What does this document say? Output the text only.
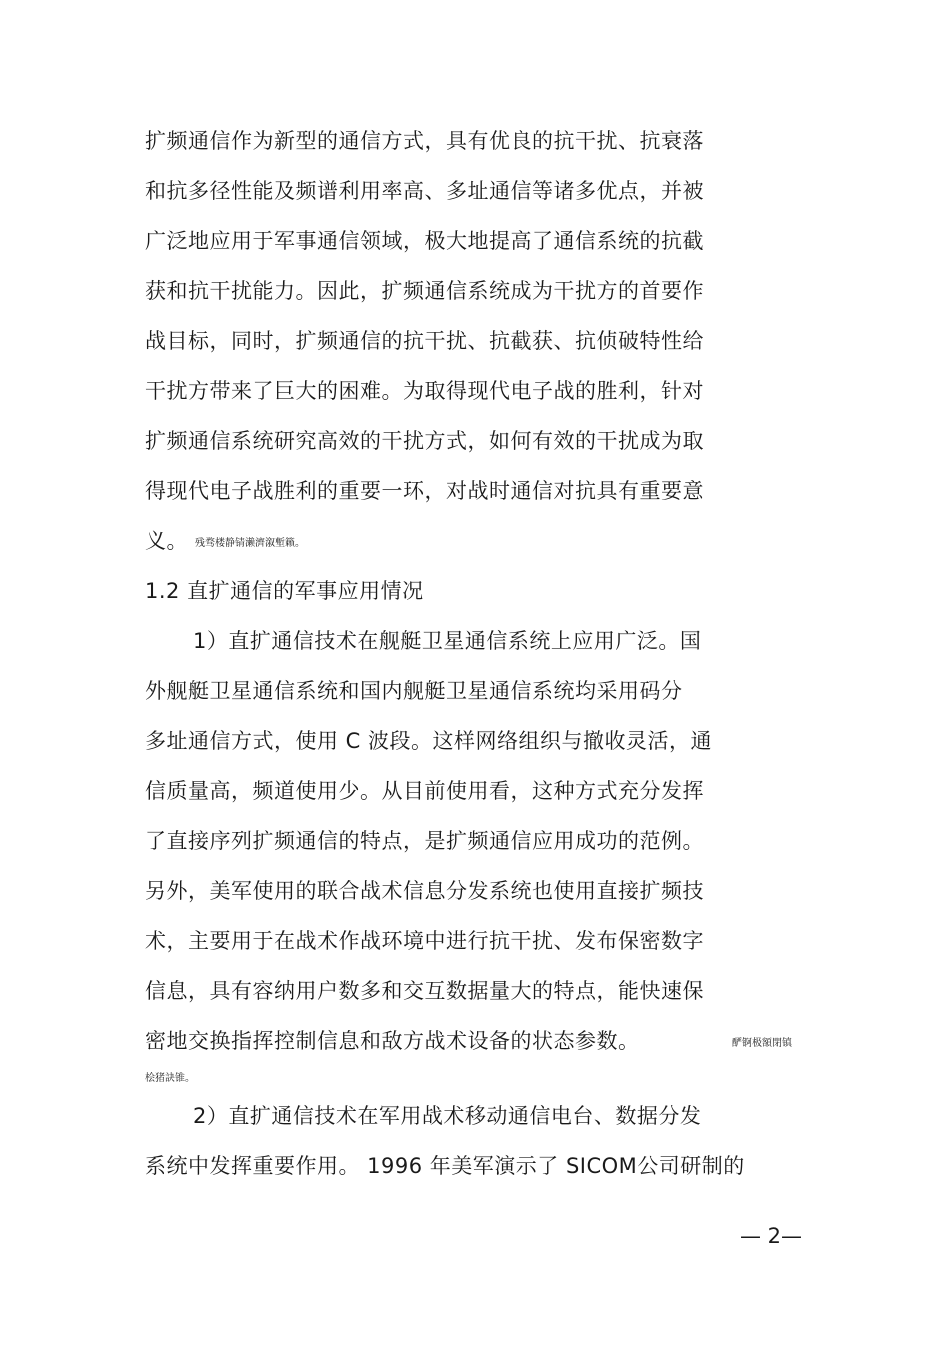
扩频通信作为新型的通信方式，具有优良的抗干扰、抗衰落
和抗多径性能及频谱利用率高、多址通信等诸多优点，并被
广泛地应用于军事通信领域，极大地提高了通信系统的抗截
获和抗干扰能力。因此，扩频通信系统成为干扰方的首要作
战目标，同时，扩频通信的抗干扰、抗截获、抗侦破特性给
干扰方带来了巨大的困难。为取得现代电子战的胜利，针对
扩频通信系统研究高效的干扰方式，如何有效的干扰成为取
得现代电子战胜利的重要一环，对战时通信对抗具有重要意
义。 残骛楼静锖濑濟溆塹籟。
1.2 直扩通信的军事应用情况
1）直扩通信技术在舰艇卫星通信系统上应用广泛。国
外舰艇卫星通信系统和国内舰艇卫星通信系统均采用码分
多址通信方式，使用 C 波段。这样网络组织与撤收灵活，通
信质量高，频道使用少。从目前使用看，这种方式充分发挥
了直接序列扩频通信的特点，是扩频通信应用成功的范例。
另外，美军使用的联合战术信息分发系统也使用直接扩频技
术，主要用于在战术作战环境中进行抗干扰、发布保密数字
信息，具有容纳用户数多和交互数据量大的特点，能快速保
密地交换指挥控制信息和敌方战术设备的状态参数。	酽锕极額閉镇
桧猪訣锥。
2）直扩通信技术在军用战术移动通信电台、数据分发
系统中发挥重要作用。 1996 年美军演示了 SICOM公司研制的
— 2—
